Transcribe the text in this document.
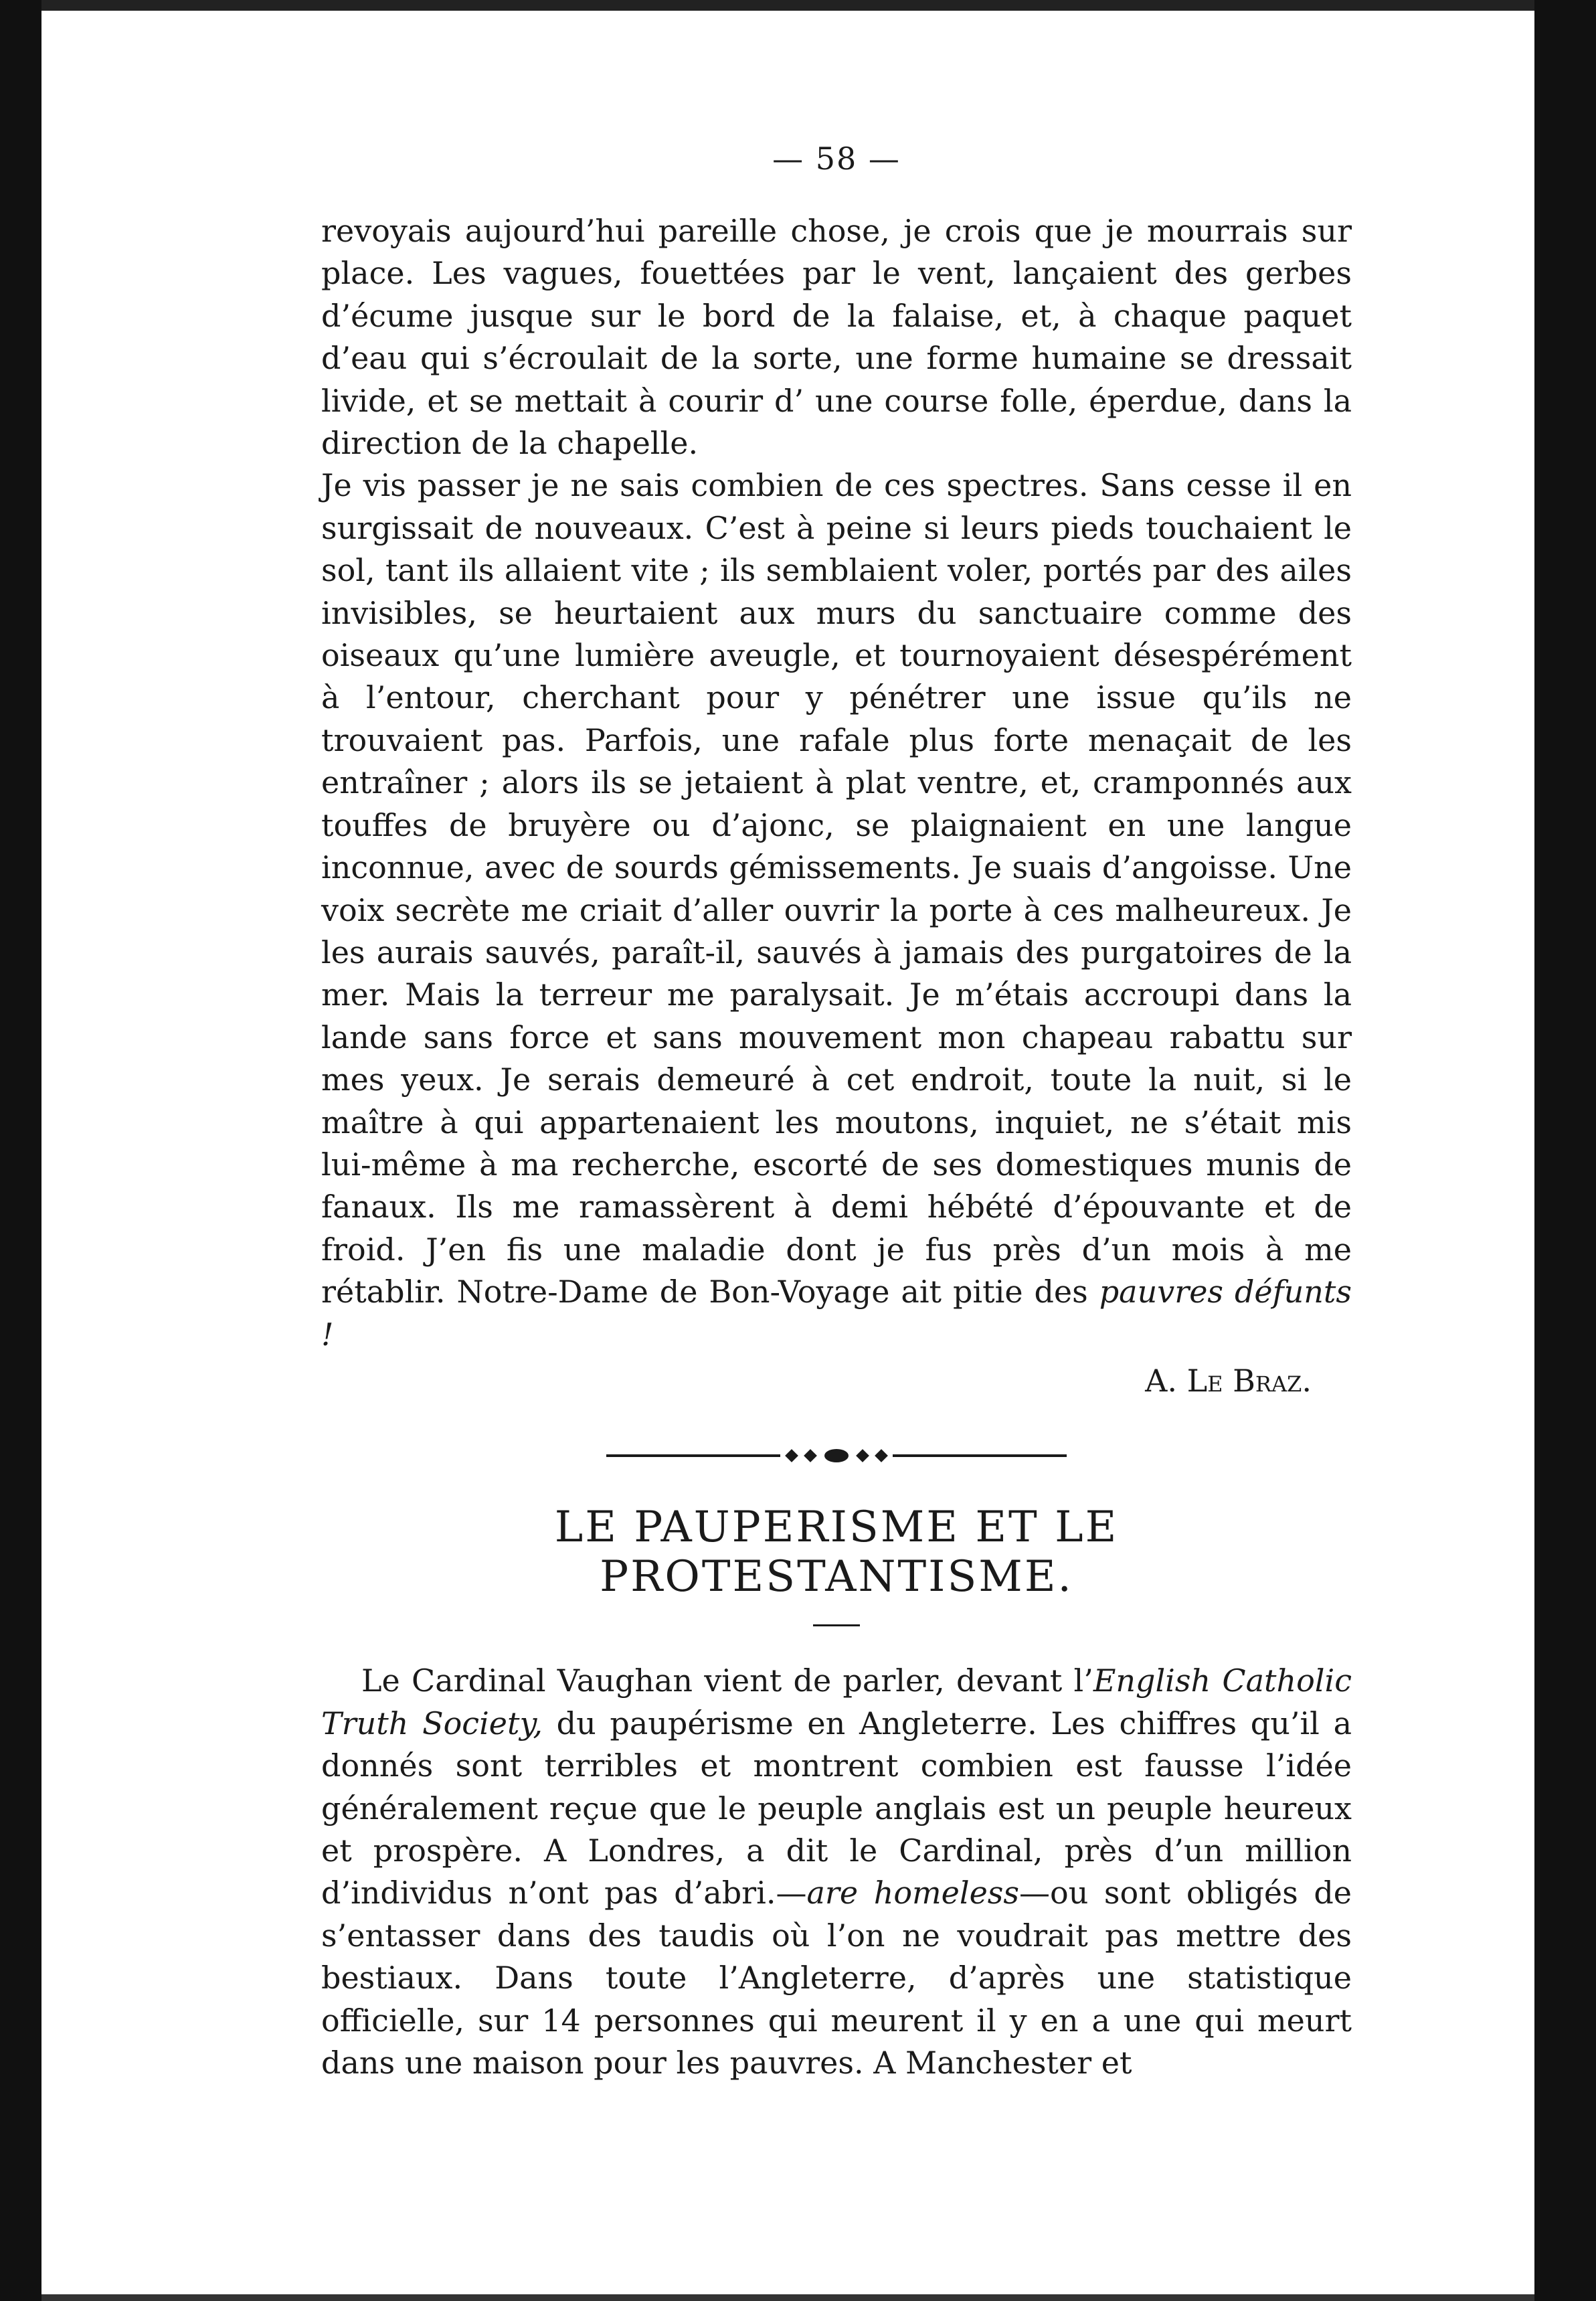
— 58 —

revoyais aujourd’hui pareille chose, je crois que je mourrais sur place. Les vagues, fouettées par le vent, lançaient des gerbes d’écume jusque sur le bord de la falaise, et, à chaque paquet d’eau qui s’écroulait de la sorte, une forme humaine se dressait livide, et se mettait à courir d’ une course folle, éperdue, dans la direction de la chapelle.

Je vis passer je ne sais combien de ces spectres. Sans cesse il en surgissait de nouveaux. C’est à peine si leurs pieds touchaient le sol, tant ils allaient vite ; ils semblaient voler, portés par des ailes invisibles, se heurtaient aux murs du sanctuaire comme des oiseaux qu’une lumière aveugle, et tournoyaient désespérément à l’entour, cherchant pour y pénétrer une issue qu’ils ne trouvaient pas. Parfois, une rafale plus forte menaçait de les entraîner ; alors ils se jetaient à plat ventre, et, cramponnés aux touffes de bruyère ou d’ajonc, se plaignaient en une langue inconnue, avec de sourds gémissements. Je suais d’angoisse. Une voix secrète me criait d’aller ouvrir la porte à ces malheureux. Je les aurais sauvés, paraît-il, sauvés à jamais des purgatoires de la mer. Mais la terreur me paralysait. Je m’étais accroupi dans la lande sans force et sans mouvement mon chapeau rabattu sur mes yeux. Je serais demeuré à cet endroit, toute la nuit, si le maître à qui appartenaient les moutons, inquiet, ne s’était mis lui-même à ma recherche, escorté de ses domestiques munis de fanaux. Ils me ramassèrent à demi hébété d’épouvante et de froid. J’en fis une maladie dont je fus près d’un mois à me rétablir. Notre-Dame de Bon-Voyage ait pitie des pauvres défunts !

A. Le Braz.
LE PAUPERISME ET LE PROTESTANTISME.

Le Cardinal Vaughan vient de parler, devant l’English Catholic Truth Society, du paupérisme en Angleterre. Les chiffres qu’il a donnés sont terribles et montrent combien est fausse l’idée généralement reçue que le peuple anglais est un peuple heureux et prospère. A Londres, a dit le Cardinal, près d’un million d’individus n’ont pas d’abri.—are homeless—ou sont obligés de s’entasser dans des taudis où l’on ne voudrait pas mettre des bestiaux. Dans toute l’Angleterre, d’après une statistique officielle, sur 14 personnes qui meurent il y en a une qui meurt dans une maison pour les pauvres. A Manchester et
